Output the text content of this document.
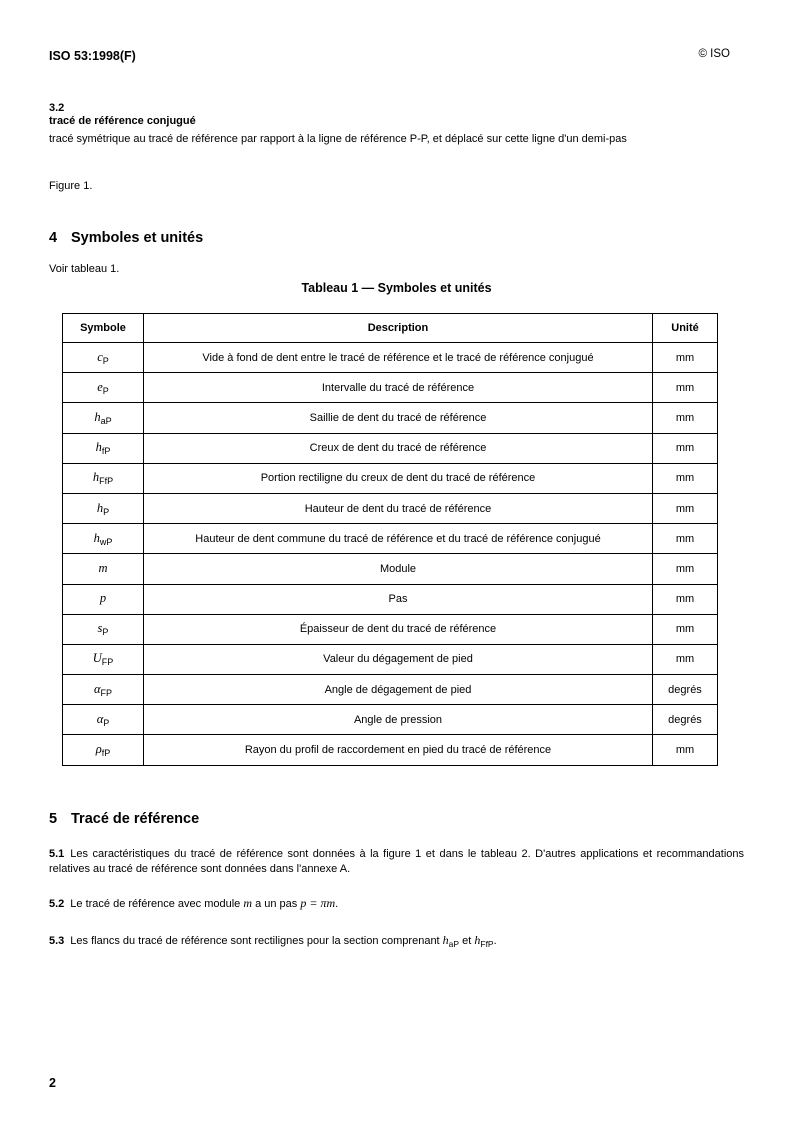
ISO 53:1998(F)	© ISO
3.2
tracé de référence conjugué
tracé symétrique au tracé de référence par rapport à la ligne de référence P-P, et déplacé sur cette ligne d'un demi-pas
Figure 1.
4 Symboles et unités
Voir tableau 1.
Tableau 1 — Symboles et unités
Symbole	Description	Unité
$c_P$	Vide à fond de dent entre le tracé de référence et le tracé de référence conjugué	mm
$e_P$	Intervalle du tracé de référence	mm
$h_{aP}$	Saillie de dent du tracé de référence	mm
$h_{fP}$	Creux de dent du tracé de référence	mm
$h_{FfP}$	Portion rectiligne du creux de dent du tracé de référence	mm
$h_P$	Hauteur de dent du tracé de référence	mm
$h_{wP}$	Hauteur de dent commune du tracé de référence et du tracé de référence conjugué	mm
m	Module	mm
p	Pas	mm
$s_P$	Épaisseur de dent du tracé de référence	mm
$U_{FP}$	Valeur du dégagement de pied	mm
$\alpha_{FP}$	Angle de dégagement de pied	degrés
$\alpha_P$	Angle de pression	degrés
$\rho_{fP}$	Rayon du profil de raccordement en pied du tracé de référence	mm
5 Tracé de référence
5.1 Les caractéristiques du tracé de référence sont données à la figure 1 et dans le tableau 2. D'autres applications et recommandations relatives au tracé de référence sont données dans l'annexe A.
5.2 Le tracé de référence avec module m a un pas p = πm.
5.3 Les flancs du tracé de référence sont rectilignes pour la section comprenant $h_{aP}$ et $h_{FfP}$.
2
